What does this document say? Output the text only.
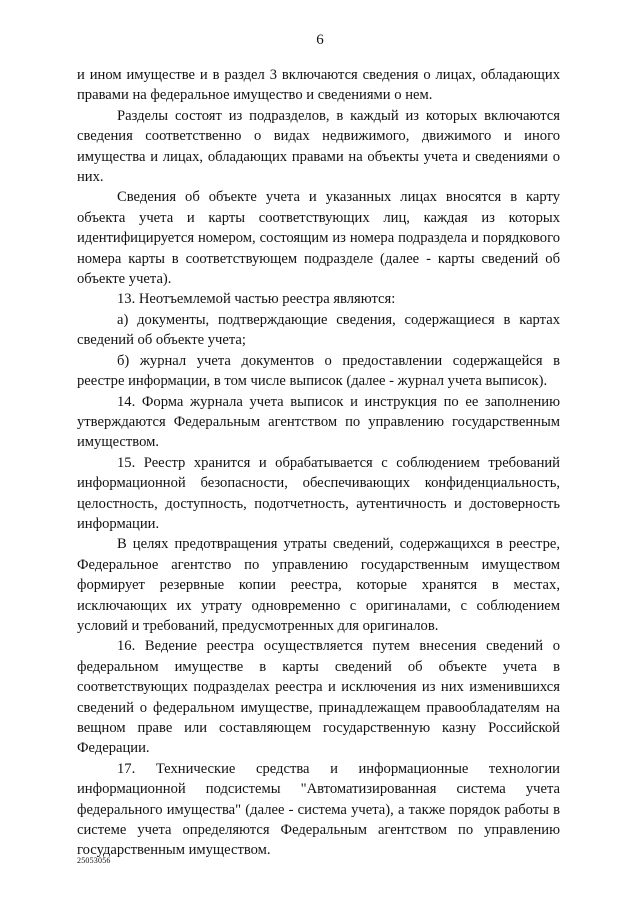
6

и ином имуществе и в раздел 3 включаются сведения о лицах, обладающих правами на федеральное имущество и сведениями о нем.

Разделы состоят из подразделов, в каждый из которых включаются сведения соответственно о видах недвижимого, движимого и иного имущества и лицах, обладающих правами на объекты учета и сведениями о них.

Сведения об объекте учета и указанных лицах вносятся в карту объекта учета и карты соответствующих лиц, каждая из которых идентифицируется номером, состоящим из номера подраздела и порядкового номера карты в соответствующем подразделе (далее - карты сведений об объекте учета).

13. Неотъемлемой частью реестра являются:

а) документы, подтверждающие сведения, содержащиеся в картах сведений об объекте учета;

б) журнал учета документов о предоставлении содержащейся в реестре информации, в том числе выписок (далее - журнал учета выписок).

14. Форма журнала учета выписок и инструкция по ее заполнению утверждаются Федеральным агентством по управлению государственным имуществом.

15. Реестр хранится и обрабатывается с соблюдением требований информационной безопасности, обеспечивающих конфиденциальность, целостность, доступность, подотчетность, аутентичность и достоверность информации.

В целях предотвращения утраты сведений, содержащихся в реестре, Федеральное агентство по управлению государственным имуществом формирует резервные копии реестра, которые хранятся в местах, исключающих их утрату одновременно с оригиналами, с соблюдением условий и требований, предусмотренных для оригиналов.

16. Ведение реестра осуществляется путем внесения сведений о федеральном имуществе в карты сведений об объекте учета в соответствующих подразделах реестра и исключения из них изменившихся сведений о федеральном имуществе, принадлежащем правообладателям на вещном праве или составляющем государственную казну Российской Федерации.

17. Технические средства и информационные технологии информационной подсистемы "Автоматизированная система учета федерального имущества" (далее - система учета), а также порядок работы в системе учета определяются Федеральным агентством по управлению государственным имуществом.

25053056
